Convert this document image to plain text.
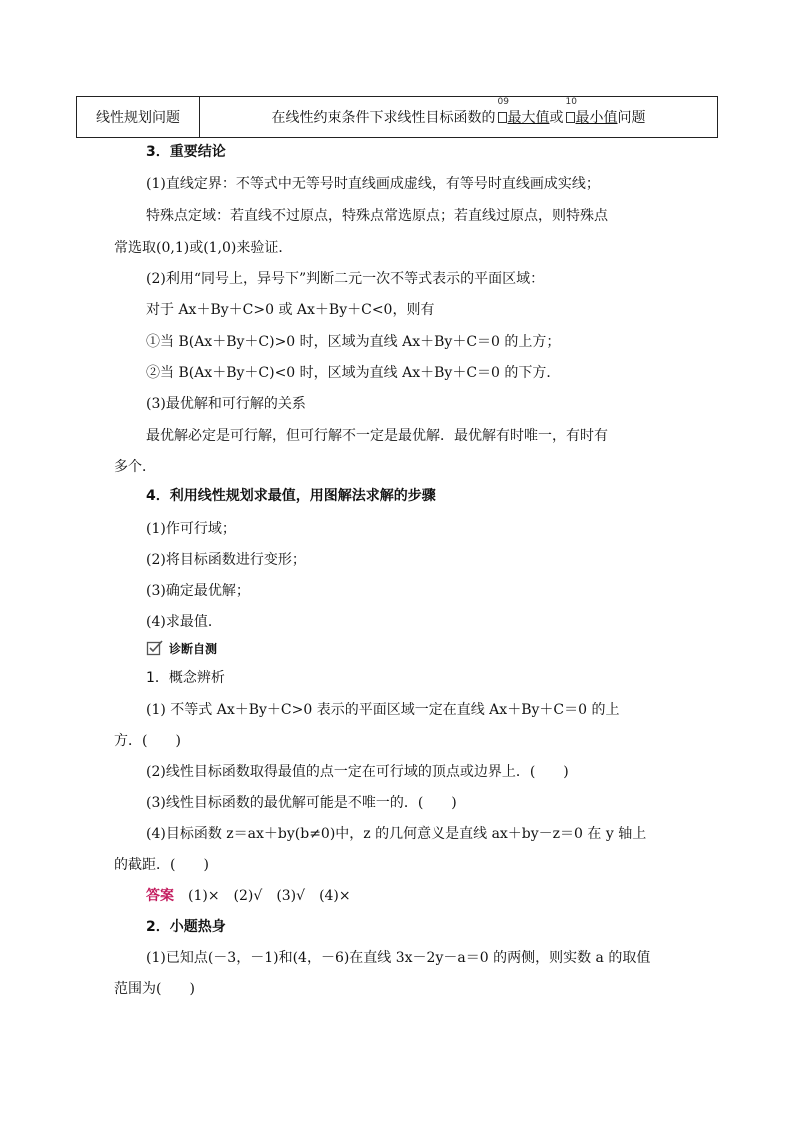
线性规划问题	在线性约束条件下求线性目标函数的
09
最大值 或
10
最小值 问题
3．重要结论
(1)直线定界：不等式中无等号时直线画成虚线，有等号时直线画成实线；
特殊点定域：若直线不过原点，特殊点常选原点；若直线过原点，则特殊点
常选取(0,1)或(1,0)来验证．
(2)利用“同号上，异号下”判断二元一次不等式表示的平面区域：
对于 Ax＋By＋C>0 或 Ax＋By＋C<0，则有
①当 B(Ax＋By＋C)>0 时，区域为直线 Ax＋By＋C＝0 的上方；
②当 B(Ax＋By＋C)<0 时，区域为直线 Ax＋By＋C＝0 的下方．
(3)最优解和可行解的关系
最优解必定是可行解，但可行解不一定是最优解．最优解有时唯一，有时有
多个．
4．利用线性规划求最值，用图解法求解的步骤
(1)作可行域；
(2)将目标函数进行变形；
(3)确定最优解；
(4)求最值．
诊断自测
1．概念辨析
(1) 不等式 Ax＋By＋C>0 表示的平面区域一定在直线 Ax＋By＋C＝0 的上
方．(　　)
(2)线性目标函数取得最值的点一定在可行域的顶点或边界上．(　　)
(3)线性目标函数的最优解可能是不唯一的．(　　)
(4)目标函数 z＝ax＋by(b≠0)中，z 的几何意义是直线 ax＋by－z＝0 在 y 轴上
的截距．(　　)
答案　(1)×　(2)√　(3)√　(4)×
2．小题热身
(1)已知点(－3，－1)和(4，－6)在直线 3x－2y－a＝0 的两侧，则实数 a 的取值
范围为(　　)
